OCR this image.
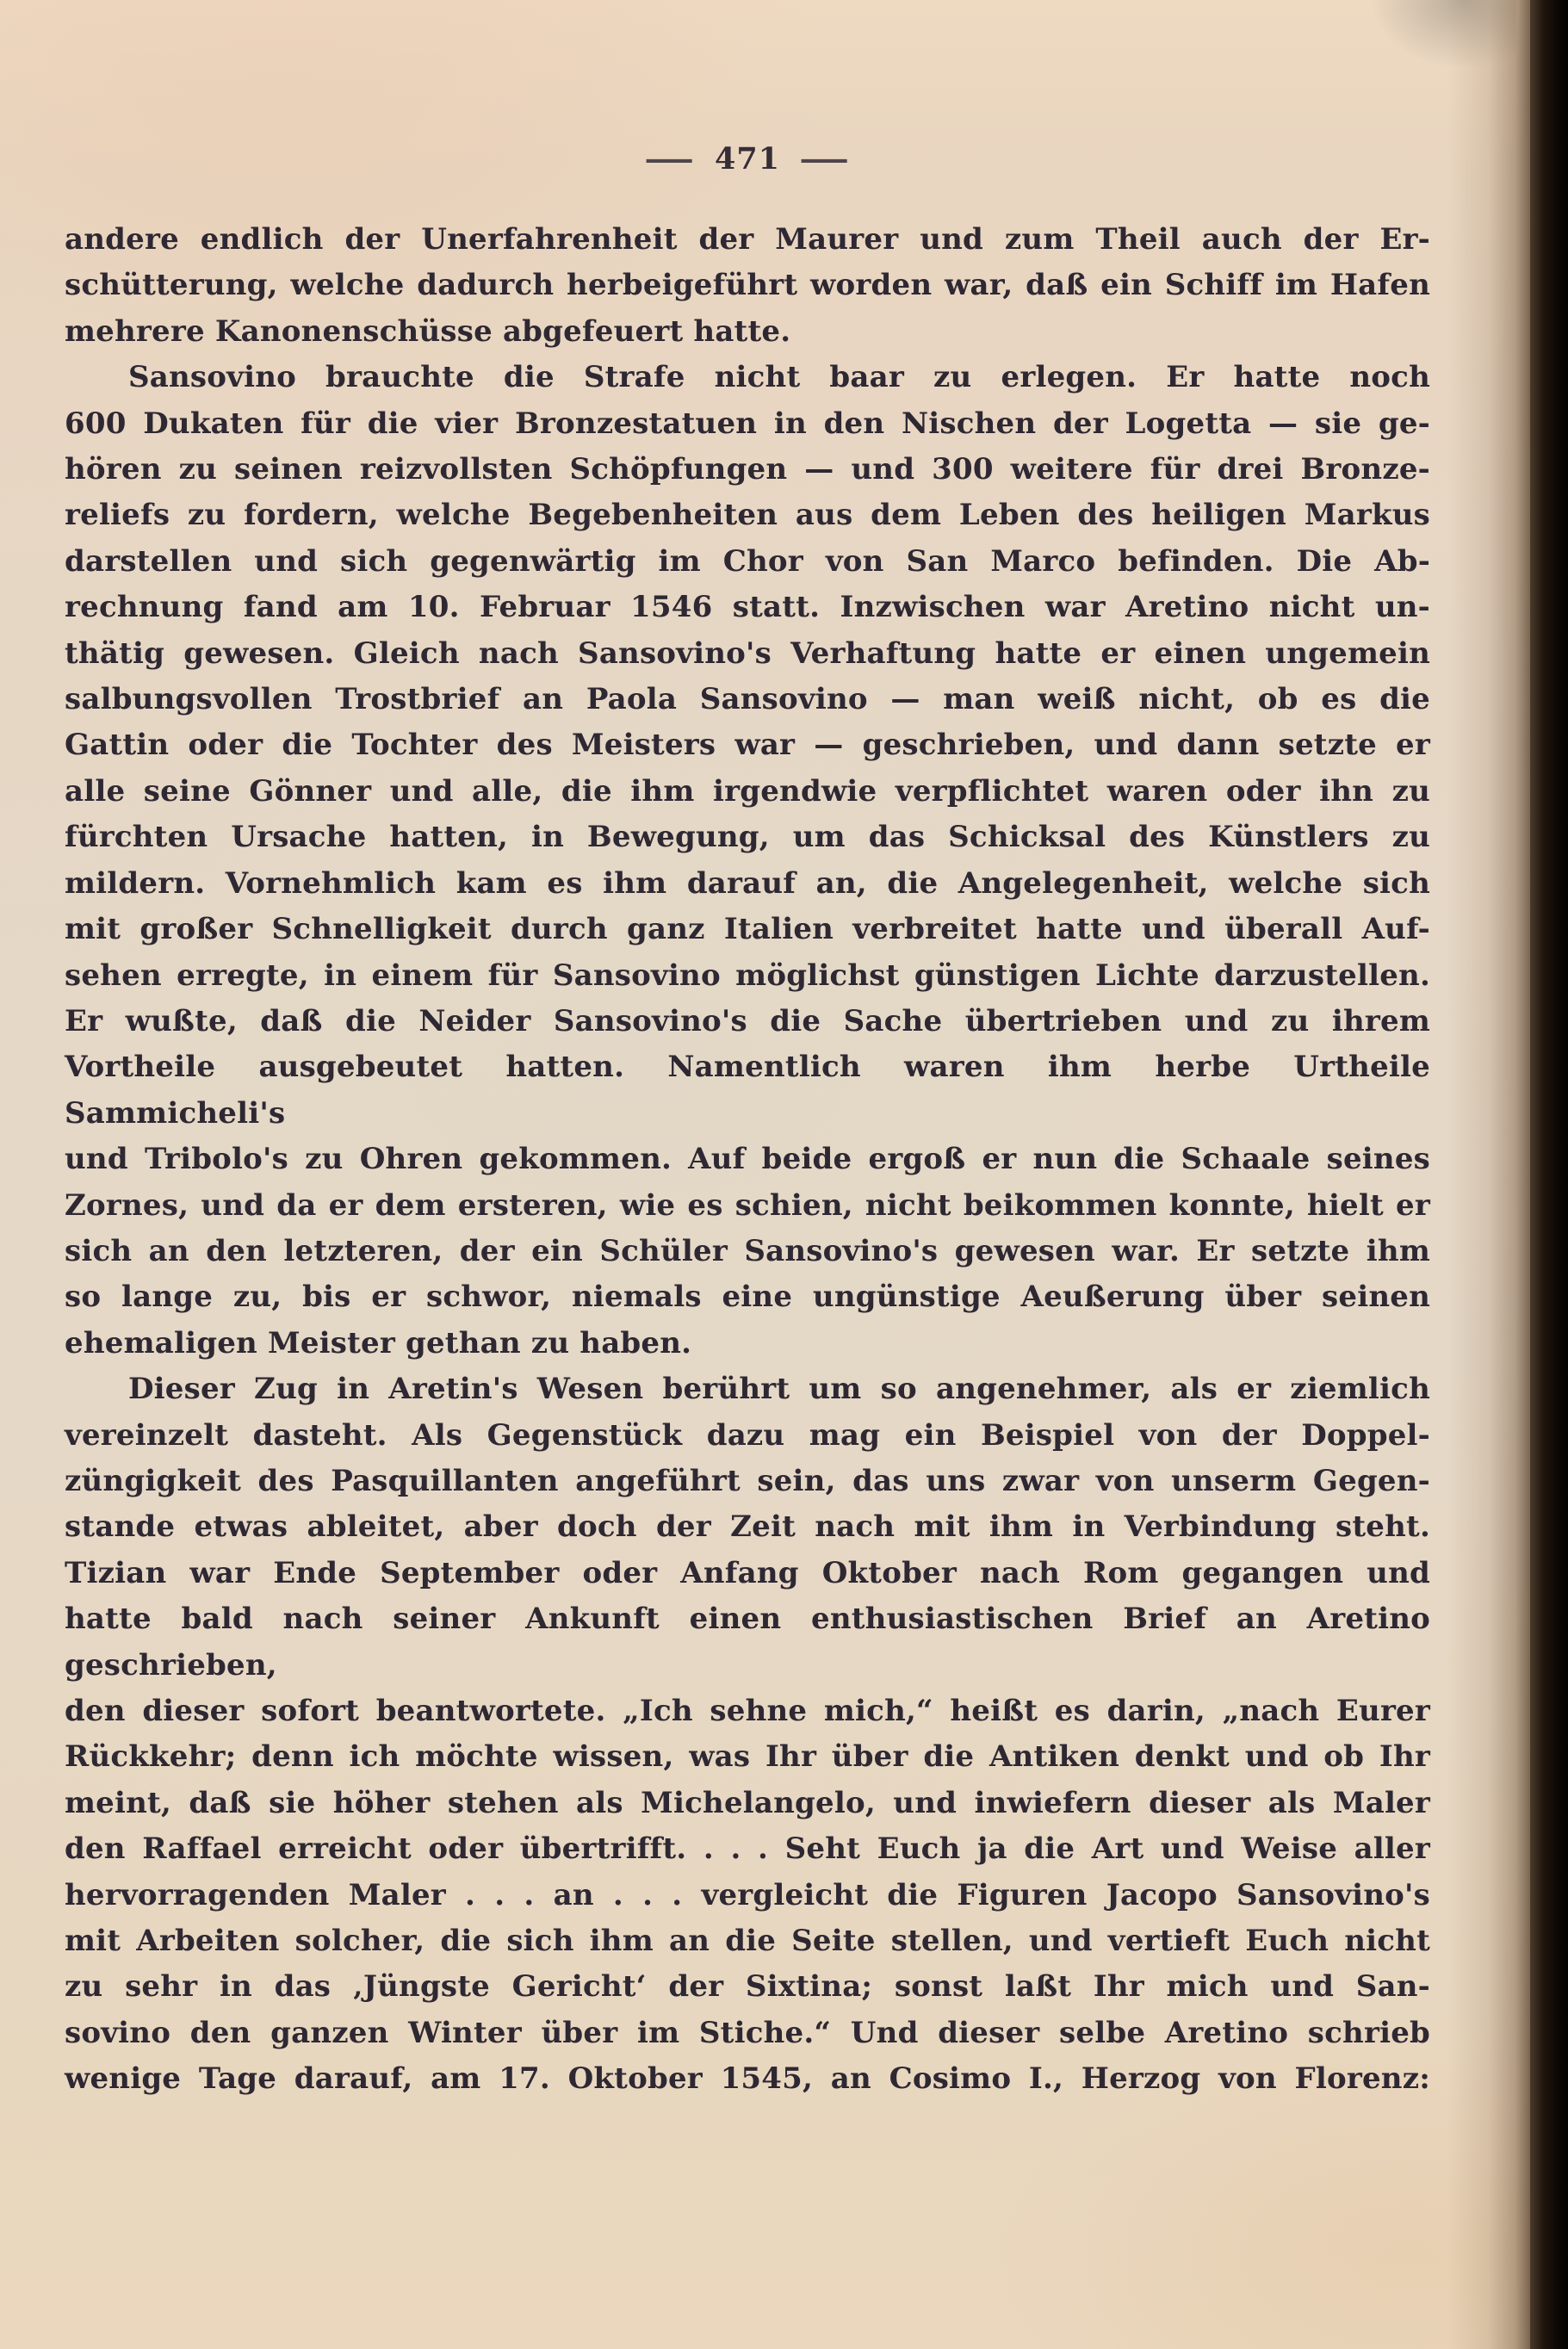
— 471 —
andere endlich der Unerfahrenheit der Maurer und zum Theil auch der Er-
schütterung, welche dadurch herbeigeführt worden war, daß ein Schiff im Hafen
mehrere Kanonenschüsse abgefeuert hatte.
Sansovino brauchte die Strafe nicht baar zu erlegen. Er hatte noch
600 Dukaten für die vier Bronzestatuen in den Nischen der Logetta — sie ge-
hören zu seinen reizvollsten Schöpfungen — und 300 weitere für drei Bronze-
reliefs zu fordern, welche Begebenheiten aus dem Leben des heiligen Markus
darstellen und sich gegenwärtig im Chor von San Marco befinden. Die Ab-
rechnung fand am 10. Februar 1546 statt. Inzwischen war Aretino nicht un-
thätig gewesen. Gleich nach Sansovino's Verhaftung hatte er einen ungemein
salbungsvollen Trostbrief an Paola Sansovino — man weiß nicht, ob es die
Gattin oder die Tochter des Meisters war — geschrieben, und dann setzte er
alle seine Gönner und alle, die ihm irgendwie verpflichtet waren oder ihn zu
fürchten Ursache hatten, in Bewegung, um das Schicksal des Künstlers zu
mildern. Vornehmlich kam es ihm darauf an, die Angelegenheit, welche sich
mit großer Schnelligkeit durch ganz Italien verbreitet hatte und überall Auf-
sehen erregte, in einem für Sansovino möglichst günstigen Lichte darzustellen.
Er wußte, daß die Neider Sansovino's die Sache übertrieben und zu ihrem
Vortheile ausgebeutet hatten. Namentlich waren ihm herbe Urtheile Sammicheli's
und Tribolo's zu Ohren gekommen. Auf beide ergoß er nun die Schaale seines
Zornes, und da er dem ersteren, wie es schien, nicht beikommen konnte, hielt er
sich an den letzteren, der ein Schüler Sansovino's gewesen war. Er setzte ihm
so lange zu, bis er schwor, niemals eine ungünstige Aeußerung über seinen
ehemaligen Meister gethan zu haben.
Dieser Zug in Aretin's Wesen berührt um so angenehmer, als er ziemlich
vereinzelt dasteht. Als Gegenstück dazu mag ein Beispiel von der Doppel-
züngigkeit des Pasquillanten angeführt sein, das uns zwar von unserm Gegen-
stande etwas ableitet, aber doch der Zeit nach mit ihm in Verbindung steht.
Tizian war Ende September oder Anfang Oktober nach Rom gegangen und
hatte bald nach seiner Ankunft einen enthusiastischen Brief an Aretino geschrieben,
den dieser sofort beantwortete. „Ich sehne mich,“ heißt es darin, „nach Eurer
Rückkehr; denn ich möchte wissen, was Ihr über die Antiken denkt und ob Ihr
meint, daß sie höher stehen als Michelangelo, und inwiefern dieser als Maler
den Raffael erreicht oder übertrifft. . . . Seht Euch ja die Art und Weise aller
hervorragenden Maler . . . an . . . vergleicht die Figuren Jacopo Sansovino's
mit Arbeiten solcher, die sich ihm an die Seite stellen, und vertieft Euch nicht
zu sehr in das ‚Jüngste Gericht‘ der Sixtina; sonst laßt Ihr mich und San-
sovino den ganzen Winter über im Stiche.“ Und dieser selbe Aretino schrieb
wenige Tage darauf, am 17. Oktober 1545, an Cosimo I., Herzog von Florenz:
